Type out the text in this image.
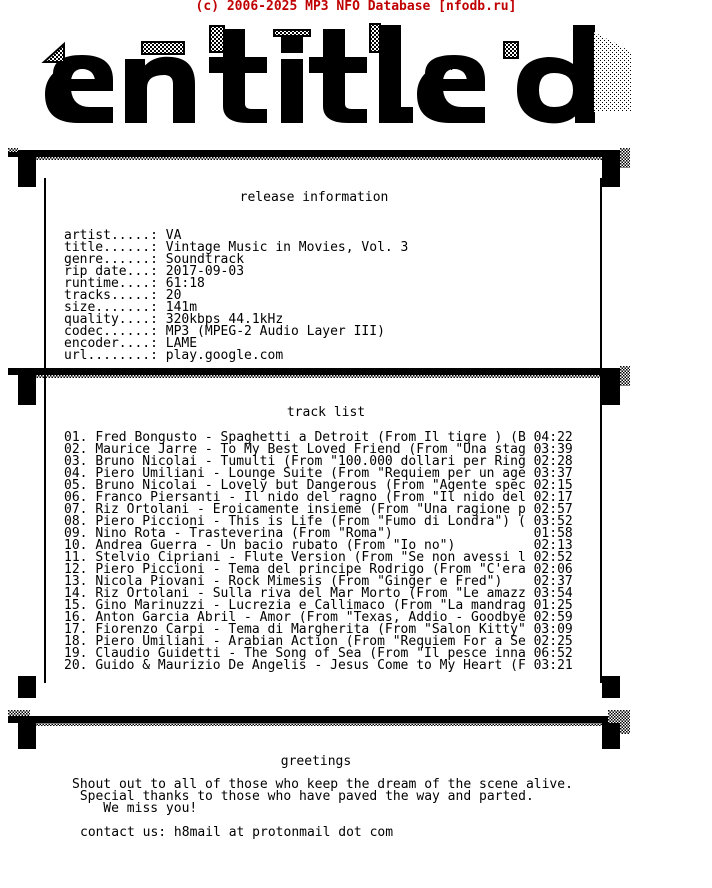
(c) 2006-2025 MP3 NFO Database [nfodb.ru]
hX!
release information
artist.....: VA
title......: Vintage Music in Movies, Vol. 3
genre......: Soundtrack
rip date...: 2017-09-03
runtime....: 61:18
tracks.....: 20
size.......: 141m
quality....: 320kbps 44.1kHz
codec......: MP3 (MPEG-2 Audio Layer III)
encoder....: LAME
url........: play.google.com
track list
01. Fred Bongusto - Spaghetti a Detroit (From Il tigre ) (B 04:22
02. Maurice Jarre - To My Best Loved Friend (From "Una stag 03:39
03. Bruno Nicolai - Tumulti (From "100.000 dollari per Ring 02:28
04. Piero Umiliani - Lounge Suite (From "Requiem per un age 03:37
05. Bruno Nicolai - Lovely but Dangerous (From "Agente spec 02:15
06. Franco Piersanti - Il nido del ragno (From "Il nido del 02:17
07. Riz Ortolani - Eroicamente insieme (From "Una ragione p 02:57
08. Piero Piccioni - This is Life (From "Fumo di Londra") ( 03:52
09. Nino Rota - Trasteverina (From "Roma")                  01:58
10. Andrea Guerra - Un bacio rubato (From "Io no")          02:13
11. Stelvio Cipriani - Flute Version (From "Se non avessi l 02:52
12. Piero Piccioni - Tema del principe Rodrigo (From "C'era 02:06
13. Nicola Piovani - Rock Mimesis (From "Ginger e Fred")    02:37
14. Riz Ortolani - Sulla riva del Mar Morto (From "Le amazz 03:54
15. Gino Marinuzzi - Lucrezia e Callimaco (From "La mandrag 01:25
16. Anton Garcia Abril - Amor (From "Texas, Addio - Goodbye 02:59
17. Fiorenzo Carpi - Tema di Margherita (From "Salon Kitty" 03:09
18. Piero Umiliani - Arabian Action (From "Requiem For a Se 02:25
19. Claudio Guidetti - The Song of Sea (From "Il pesce inna 06:52
20. Guido & Maurizio De Angelis - Jesus Come to My Heart (F 03:21
greetings
Shout out to all of those who keep the dream of the scene alive.
Special thanks to those who have paved the way and parted.
We miss you!
contact us: h8mail at protonmail dot com
